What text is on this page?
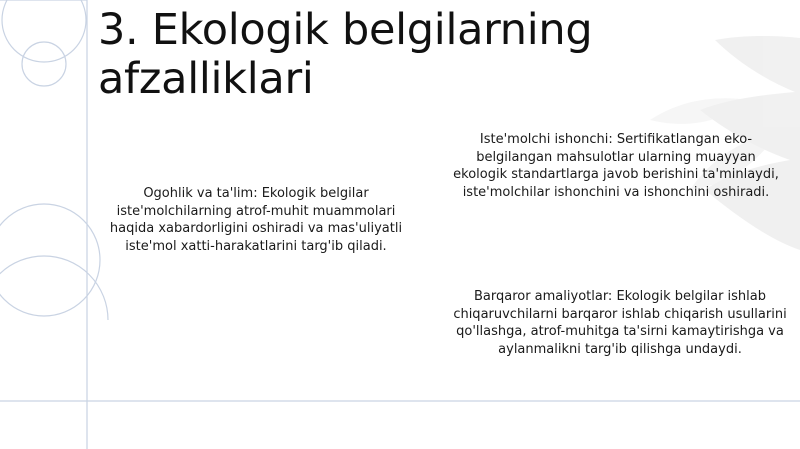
3. Ekologik belgilarning afzalliklari

Ogohlik va ta'lim: Ekologik belgilar iste'molchilarning atrof-muhit muammolari haqida xabardorligini oshiradi va mas'uliyatli iste'mol xatti-harakatlarini targ'ib qiladi.

Iste'molchi ishonchi: Sertifikatlangan eko-belgilangan mahsulotlar ularning muayyan ekologik standartlarga javob berishini ta'minlaydi, iste'molchilar ishonchini va ishonchini oshiradi.

Barqaror amaliyotlar: Ekologik belgilar ishlab chiqaruvchilarni barqaror ishlab chiqarish usullarini qo'llashga, atrof-muhitga ta'sirni kamaytirishga va aylanmalikni targ'ib qilishga undaydi.
